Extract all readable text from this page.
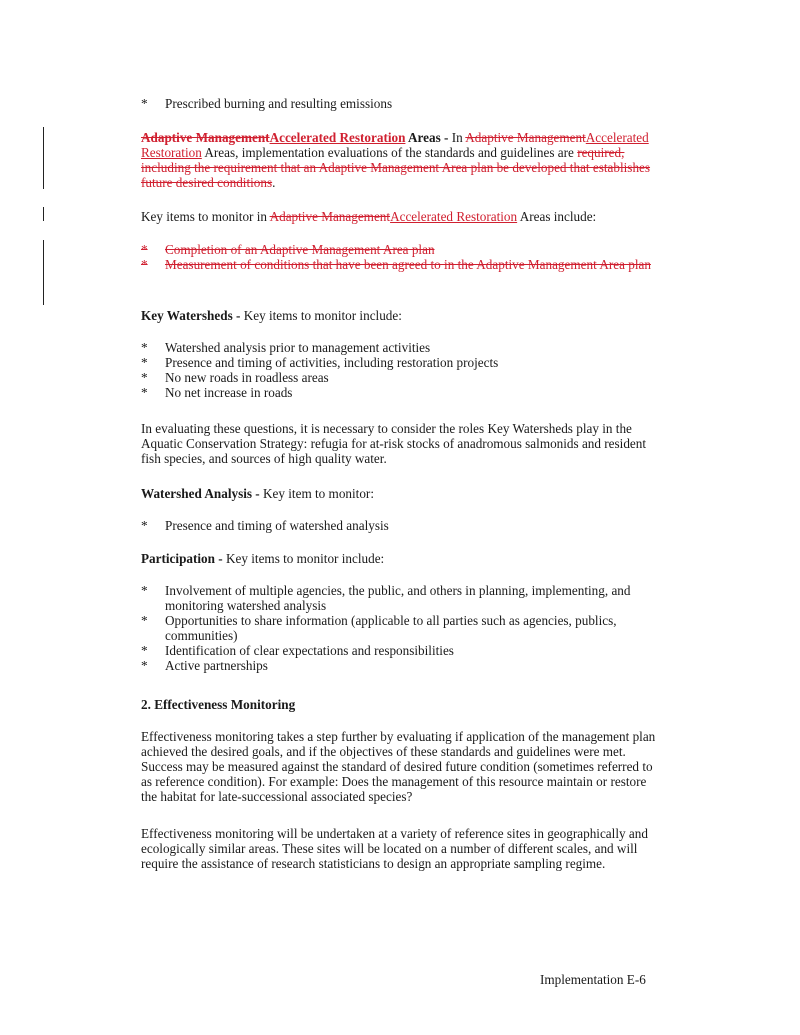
*	Prescribed burning and resulting emissions
Adaptive ManagementAccelerated Restoration Areas - In Adaptive ManagementAccelerated Restoration Areas, implementation evaluations of the standards and guidelines are required, including the requirement that an Adaptive Management Area plan be developed that establishes future desired conditions.
Key items to monitor in Adaptive ManagementAccelerated Restoration Areas include:
*	Completion of an Adaptive Management Area plan
*	Measurement of conditions that have been agreed to in the Adaptive Management Area plan
Key Watersheds - Key items to monitor include:
*	Watershed analysis prior to management activities
*	Presence and timing of activities, including restoration projects
*	No new roads in roadless areas
*	No net increase in roads
In evaluating these questions, it is necessary to consider the roles Key Watersheds play in the Aquatic Conservation Strategy: refugia for at-risk stocks of anadromous salmonids and resident fish species, and sources of high quality water.
Watershed Analysis - Key item to monitor:
*	Presence and timing of watershed analysis
Participation - Key items to monitor include:
*	Involvement of multiple agencies, the public, and others in planning, implementing, and monitoring watershed analysis
*	Opportunities to share information (applicable to all parties such as agencies, publics, communities)
*	Identification of clear expectations and responsibilities
*	Active partnerships
2. Effectiveness Monitoring
Effectiveness monitoring takes a step further by evaluating if application of the management plan achieved the desired goals, and if the objectives of these standards and guidelines were met. Success may be measured against the standard of desired future condition (sometimes referred to as reference condition). For example: Does the management of this resource maintain or restore the habitat for late-successional associated species?
Effectiveness monitoring will be undertaken at a variety of reference sites in geographically and ecologically similar areas. These sites will be located on a number of different scales, and will require the assistance of research statisticians to design an appropriate sampling regime.
Implementation E-6
